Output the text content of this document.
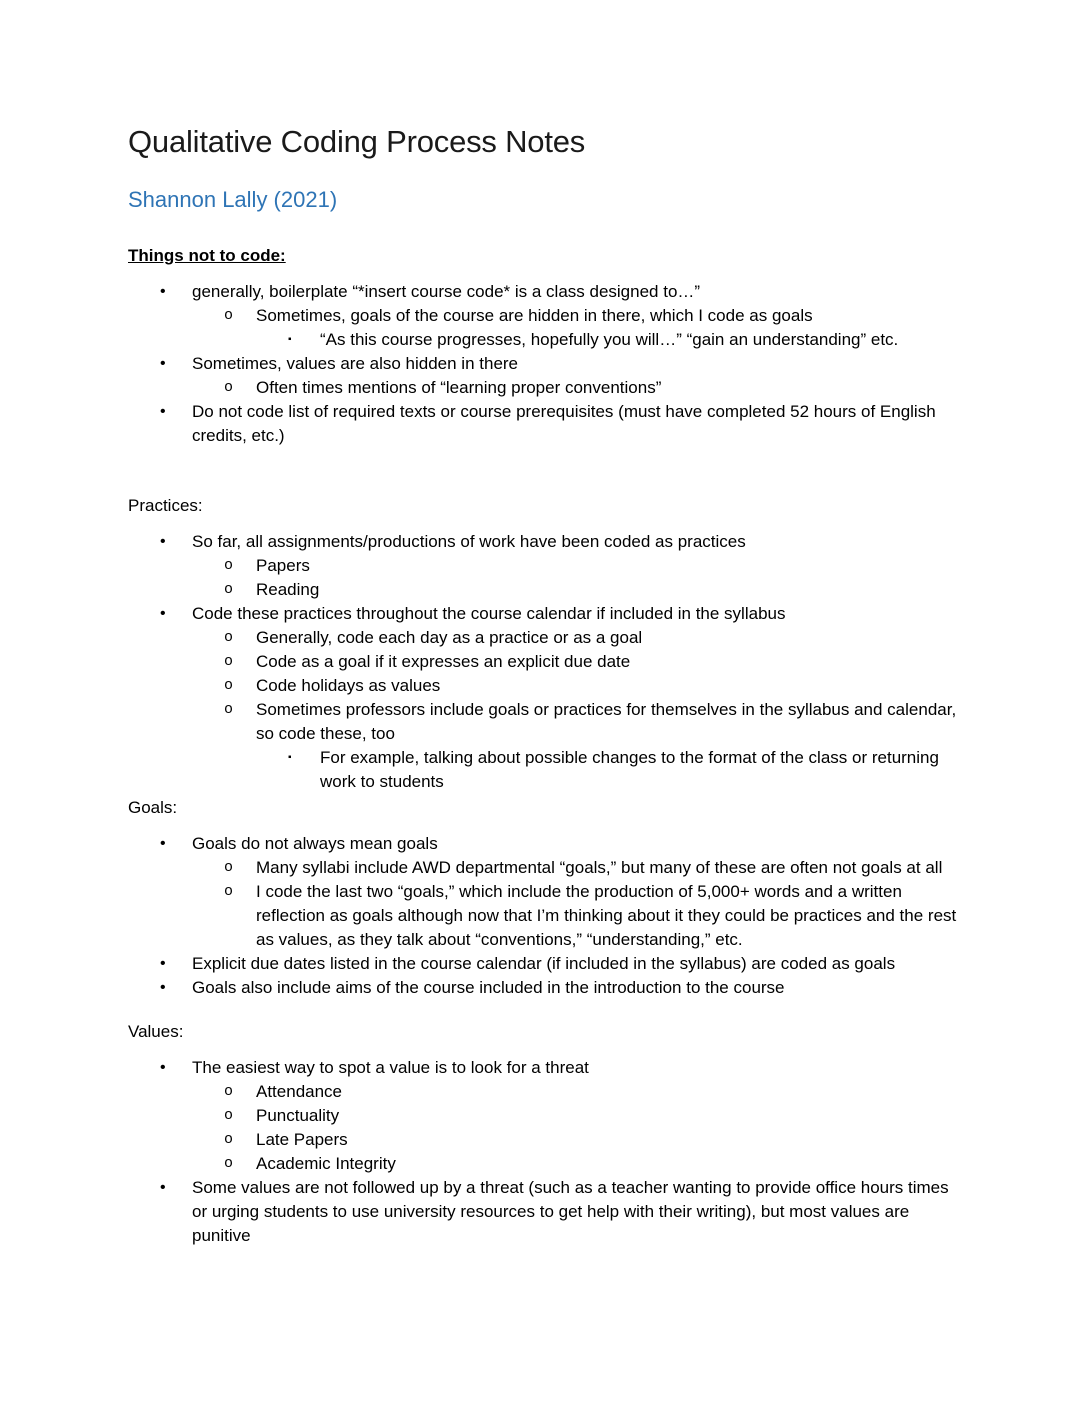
Qualitative Coding Process Notes
Shannon Lally (2021)
Things not to code:
•	generally, boilerplate “*insert course code* is a class designed to…”
o	Sometimes, goals of the course are hidden in there, which I code as goals
▪	“As this course progresses, hopefully you will…” “gain an understanding” etc.
•	Sometimes, values are also hidden in there
o	Often times mentions of “learning proper conventions”
•	Do not code list of required texts or course prerequisites (must have completed 52 hours of English credits, etc.)
Practices:
•	So far, all assignments/productions of work have been coded as practices
o	Papers
o	Reading
•	Code these practices throughout the course calendar if included in the syllabus
o	Generally, code each day as a practice or as a goal
o	Code as a goal if it expresses an explicit due date
o	Code holidays as values
o	Sometimes professors include goals or practices for themselves in the syllabus and calendar, so code these, too
▪	For example, talking about possible changes to the format of the class or returning work to students
Goals:
•	Goals do not always mean goals
o	Many syllabi include AWD departmental “goals,” but many of these are often not goals at all
o	I code the last two “goals,” which include the production of 5,000+ words and a written reflection as goals although now that I’m thinking about it they could be practices and the rest as values, as they talk about “conventions,” “understanding,” etc.
•	Explicit due dates listed in the course calendar (if included in the syllabus) are coded as goals
•	Goals also include aims of the course included in the introduction to the course
Values:
•	The easiest way to spot a value is to look for a threat
o	Attendance
o	Punctuality
o	Late Papers
o	Academic Integrity
•	Some values are not followed up by a threat (such as a teacher wanting to provide office hours times or urging students to use university resources to get help with their writing), but most values are punitive
